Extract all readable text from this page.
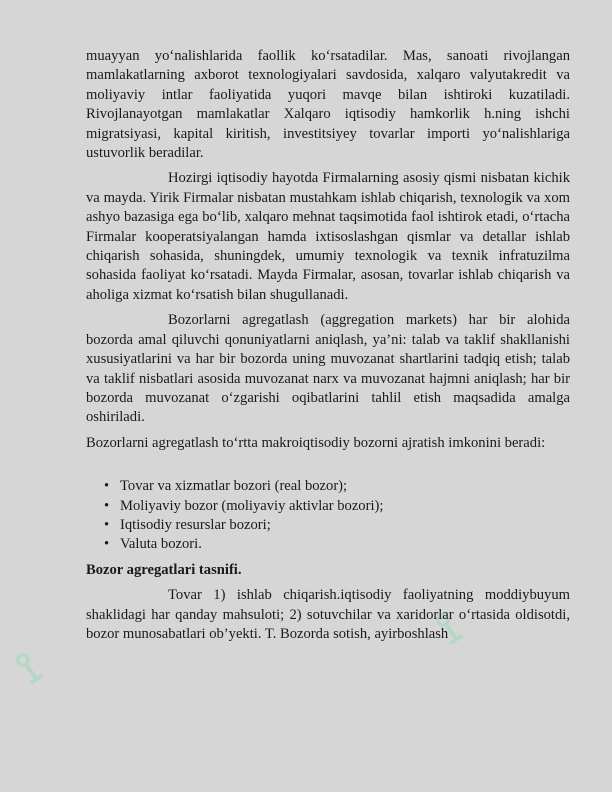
⟟
⟟

muayyan yo‘nalishlarida faollik ko‘rsatadilar. Mas, sanoati rivojlangan mamlakatlarning axborot texnologiyalari savdosida, xalqaro valyutakredit va moliyaviy intlar faoliyatida yuqori mavqe bilan ishtiroki kuzatiladi. Rivojlanayotgan mamlakatlar Xalqaro iqtisodiy hamkorlik h.ning ishchi migratsiyasi, kapital kiritish, investitsiyey tovarlar importi yo‘nalishlariga ustuvorlik beradilar.

Hozirgi iqtisodiy hayotda Firmalarning asosiy qismi nisbatan kichik va mayda. Yirik Firmalar nisbatan mustahkam ishlab chiqarish, texnologik va xom ashyo bazasiga ega bo‘lib, xalqaro mehnat taqsimotida faol ishtirok etadi, o‘rtacha Firmalar kooperatsiyalangan hamda ixtisoslashgan qismlar va detallar ishlab chiqarish sohasida, shuningdek, umumiy texnologik va texnik infratuzilma sohasida faoliyat ko‘rsatadi. Mayda Firmalar, asosan, tovarlar ishlab chiqarish va aholiga xizmat ko‘rsatish bilan shugullanadi.

Bozorlarni agregatlash (aggregation markets) har bir alohida bozorda amal qiluvchi qonuniyatlarni aniqlash, ya’ni: talab va taklif shakllanishi xususiyatlarini va har bir bozorda uning muvozanat shartlarini tadqiq etish; talab va taklif nisbatlari asosida muvozanat narx va muvozanat hajmni aniqlash; har bir bozorda muvozanat o‘zgarishi oqibatlarini tahlil etish maqsadida amalga oshiriladi.

Bozorlarni agregatlash to‘rtta makroiqtisodiy bozorni ajratish imkonini beradi:

• Tovar va xizmatlar bozori (real bozor);
• Moliyaviy bozor (moliyaviy aktivlar bozori);
• Iqtisodiy resurslar bozori;
• Valuta bozori.

Bozor agregatlari tasnifi.

Tovar 1) ishlab chiqarish.iqtisodiy faoliyatning moddiybuyum shaklidagi har qanday mahsuloti; 2) sotuvchilar va xaridorlar o‘rtasida oldisotdi, bozor munosabatlari ob’yekti. T. Bozorda sotish, ayirboshlash
